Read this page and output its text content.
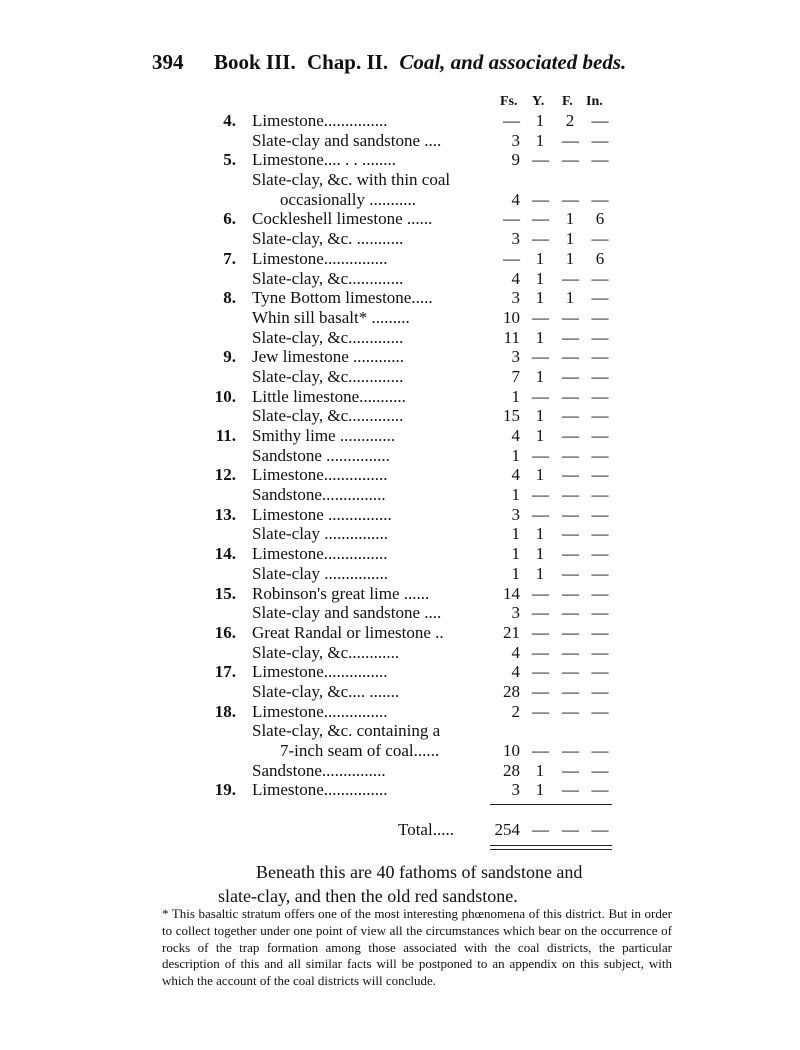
394 Book III. Chap. II. Coal, and associated beds.
Fs. Y. F. In.
4. Limestone...............	— 1 2 —
Slate-clay and sandstone ....	3 1 — —
5. Limestone.... . . ........	9 — — —
Slate-clay, &c. with thin coal
occasionally ...........	4 — — —
6. Cockleshell limestone ......	— — 1 6
Slate-clay, &c. ...........	3 — 1 —
7. Limestone...............	— 1 1 6
Slate-clay, &c.............	4 1 — —
8. Tyne Bottom limestone.....	3 1 1 —
Whin sill basalt* .........	10 — — —
Slate-clay, &c.............	11 1 — —
9. Jew limestone ............	3 — — —
Slate-clay, &c.............	7 1 — —
10. Little limestone...........	1 — — —
Slate-clay, &c.............	15 1 — —
11. Smithy lime .............	4 1 — —
Sandstone ...............	1 — — —
12. Limestone...............	4 1 — —
Sandstone...............	1 — — —
13. Limestone ...............	3 — — —
Slate-clay ...............	1 1 — —
14. Limestone...............	1 1 — —
Slate-clay ...............	1 1 — —
15. Robinson's great lime ......	14 — — —
Slate-clay and sandstone ....	3 — — —
16. Great Randal or limestone ..	21 — — —
Slate-clay, &c............	4 — — —
17. Limestone...............	4 — — —
Slate-clay, &c.... .......	28 — — —
18. Limestone...............	2 — — —
Slate-clay, &c. containing a
7-inch seam of coal......	10 — — —
Sandstone...............	28 1 — —
19. Limestone...............	3 1 — —
Total.....	254 — — —
Beneath this are 40 fathoms of sandstone and slate-clay, and then the old red sandstone.
* This basaltic stratum offers one of the most interesting phœnomena of this district. But in order to collect together under one point of view all the circumstances which bear on the occurrence of rocks of the trap formation among those associated with the coal districts, the particular description of this and all similar facts will be postponed to an appendix on this subject, with which the account of the coal districts will conclude.
